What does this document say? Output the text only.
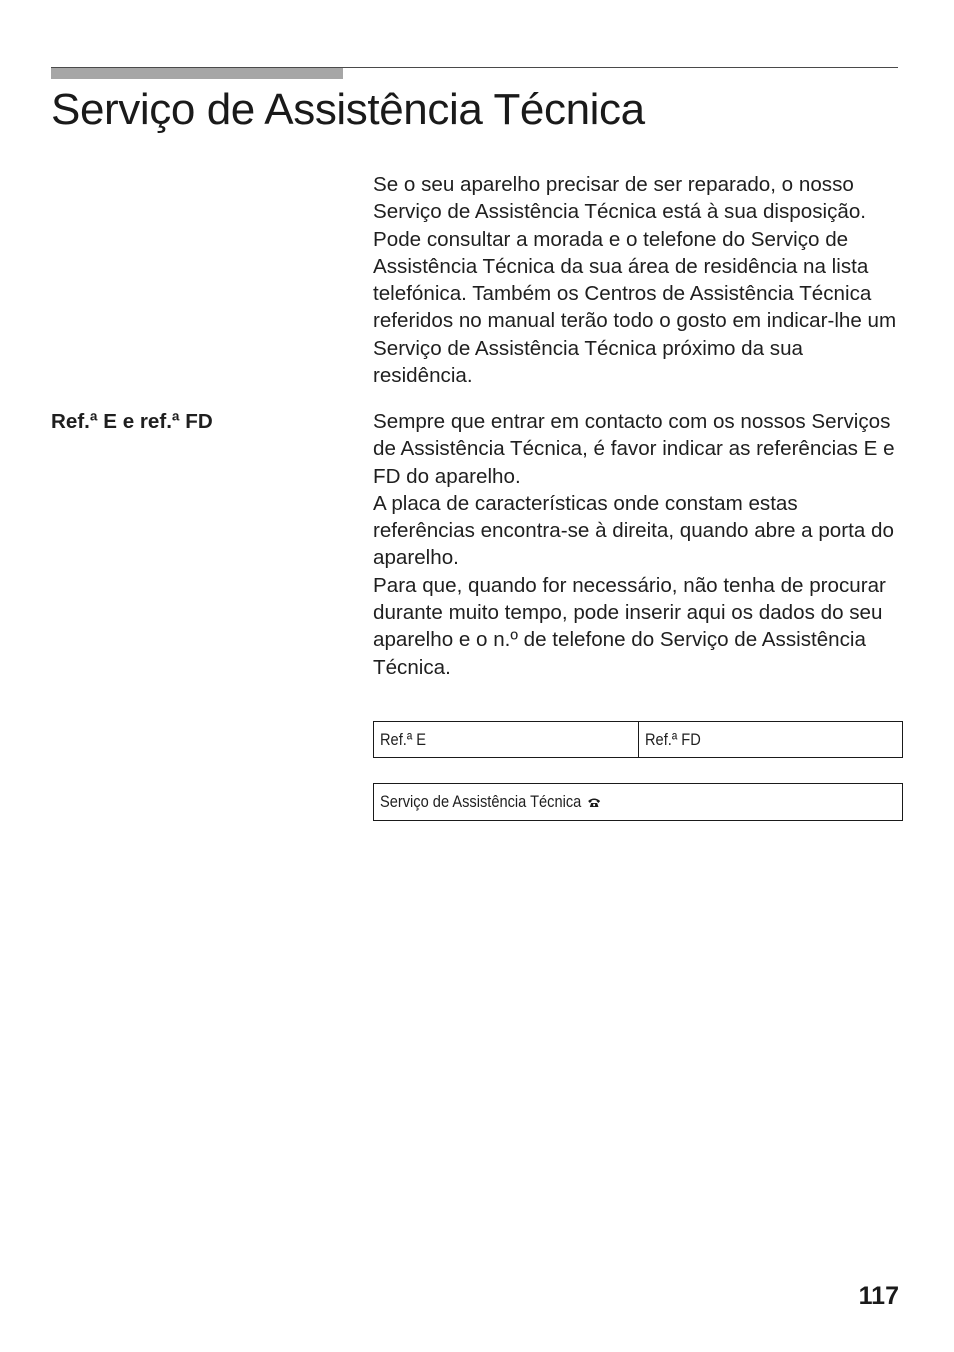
Serviço de Assistência Técnica

Se o seu aparelho precisar de ser reparado, o nosso Serviço de Assistência Técnica está à sua disposição. Pode consultar a morada e o telefone do Serviço de Assistência Técnica da sua área de residência na lista telefónica. Também os Centros de Assistência Técnica referidos no manual terão todo o gosto em indicar-lhe um Serviço de Assistência Técnica próximo da sua residência.

Ref.ª E e ref.ª FD	Sempre que entrar em contacto com os nossos Serviços de Assistência Técnica, é favor indicar as referências E e FD do aparelho.

A placa de características onde constam estas referências encontra-se à direita, quando abre a porta do aparelho.

Para que, quando for necessário, não tenha de procurar durante muito tempo, pode inserir aqui os dados do seu aparelho e o n.º de telefone do Serviço de Assistência Técnica.

Ref.ª E	Ref.ª FD
Serviço de Assistência Técnica

117
